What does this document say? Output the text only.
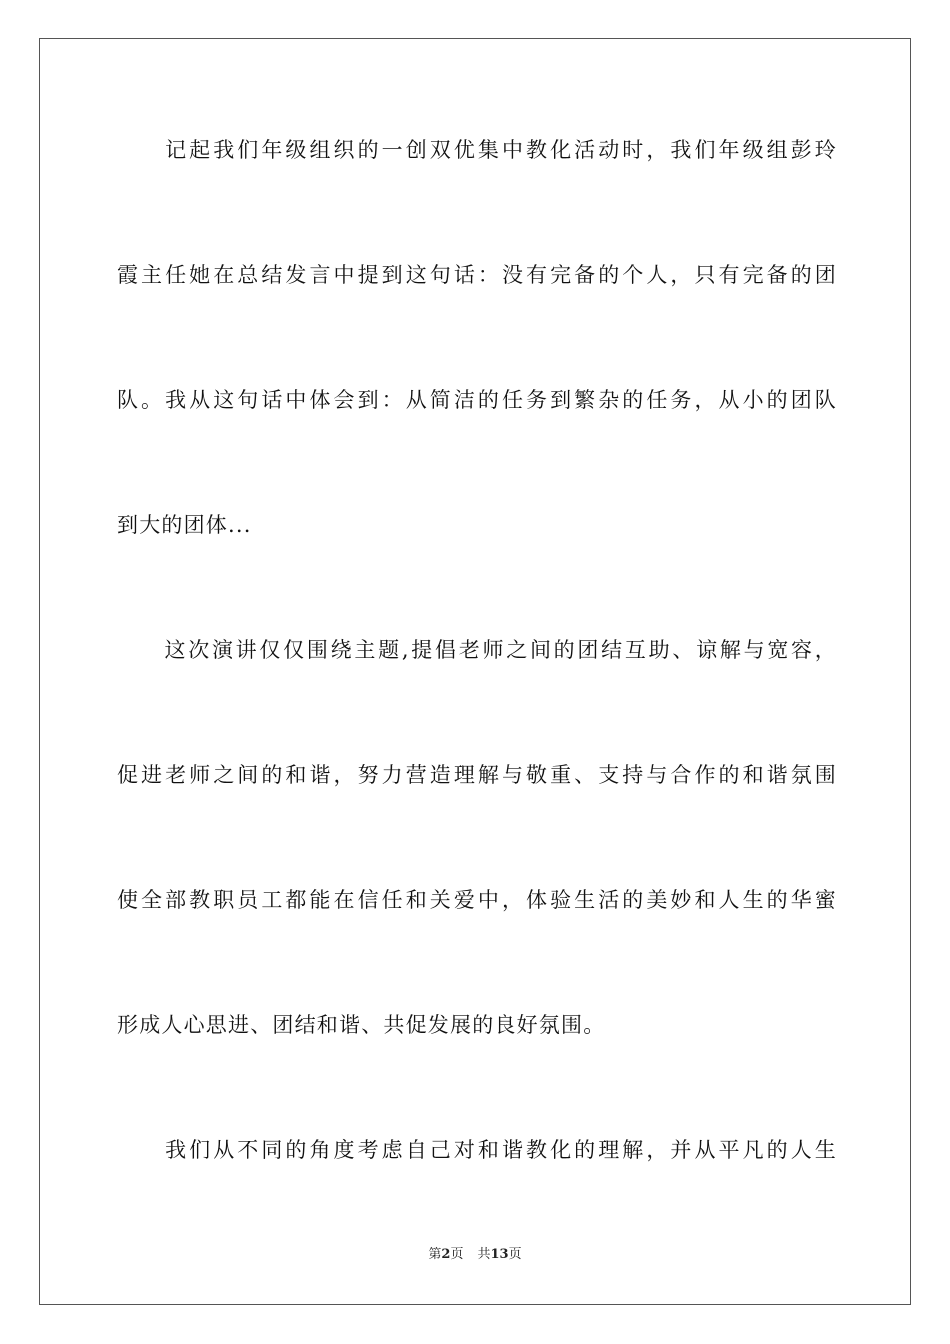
　　记起我们年级组织的一创双优集中教化活动时，我们年级组彭玲
霞主任她在总结发言中提到这句话：没有完备的个人，只有完备的团
队。我从这句话中体会到：从简洁的任务到繁杂的任务，从小的团队
到大的团体...
　　这次演讲仅仅围绕主题,提倡老师之间的团结互助、谅解与宽容，
促进老师之间的和谐，努力营造理解与敬重、支持与合作的和谐氛围
使全部教职员工都能在信任和关爱中，体验生活的美妙和人生的华蜜
形成人心思进、团结和谐、共促发展的良好氛围。
　　我们从不同的角度考虑自己对和谐教化的理解，并从平凡的人生
第2页 共13页
